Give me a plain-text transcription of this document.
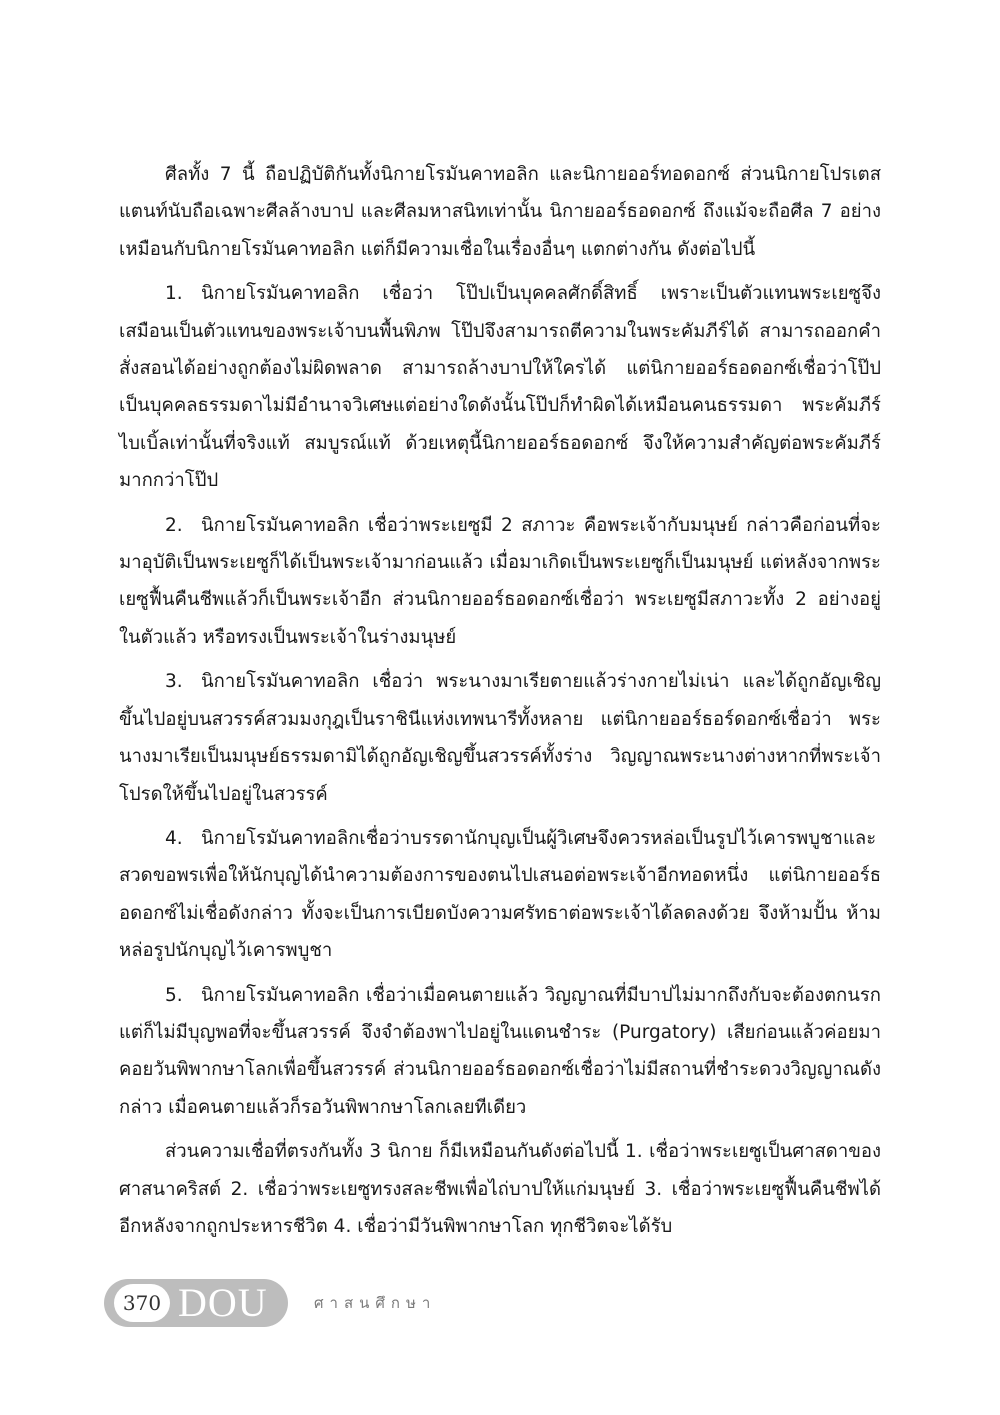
ศีลทั้ง 7 นี้ ถือปฏิบัติกันทั้งนิกายโรมันคาทอลิก และนิกายออร์ทอดอกซ์ ส่วนนิกายโปรเตสแตนท์นับถือเฉพาะศีลล้างบาป และศีลมหาสนิทเท่านั้น นิกายออร์ธอดอกซ์ ถึงแม้จะถือศีล 7 อย่างเหมือนกับนิกายโรมันคาทอลิก แต่ก็มีความเชื่อในเรื่องอื่นๆ แตกต่างกัน ดังต่อไปนี้

1. นิกายโรมันคาทอลิก เชื่อว่า โป๊ปเป็นบุคคลศักดิ์สิทธิ์ เพราะเป็นตัวแทนพระเยซูจึงเสมือนเป็นตัวแทนของพระเจ้าบนพื้นพิภพ โป๊ปจึงสามารถตีความในพระคัมภีร์ได้ สามารถออกคำสั่งสอนได้อย่างถูกต้องไม่ผิดพลาด สามารถล้างบาปให้ใครได้ แต่นิกายออร์ธอดอกซ์เชื่อว่าโป๊ปเป็นบุคคลธรรมดาไม่มีอำนาจวิเศษแต่อย่างใดดังนั้นโป๊ปก็ทำผิดได้เหมือนคนธรรมดา พระคัมภีร์ไบเบิ้ลเท่านั้นที่จริงแท้ สมบูรณ์แท้ ด้วยเหตุนี้นิกายออร์ธอดอกซ์ จึงให้ความสำคัญต่อพระคัมภีร์มากกว่าโป๊ป

2. นิกายโรมันคาทอลิก เชื่อว่าพระเยซูมี 2 สภาวะ คือพระเจ้ากับมนุษย์ กล่าวคือก่อนที่จะมาอุบัติเป็นพระเยซูก็ได้เป็นพระเจ้ามาก่อนแล้ว เมื่อมาเกิดเป็นพระเยซูก็เป็นมนุษย์ แต่หลังจากพระเยซูฟื้นคืนชีพแล้วก็เป็นพระเจ้าอีก ส่วนนิกายออร์ธอดอกซ์เชื่อว่า พระเยซูมีสภาวะทั้ง 2 อย่างอยู่ในตัวแล้ว หรือทรงเป็นพระเจ้าในร่างมนุษย์

3. นิกายโรมันคาทอลิก เชื่อว่า พระนางมาเรียตายแล้วร่างกายไม่เน่า และได้ถูกอัญเชิญขึ้นไปอยู่บนสวรรค์สวมมงกุฎเป็นราชินีแห่งเทพนารีทั้งหลาย แต่นิกายออร์ธอร์ดอกซ์เชื่อว่า พระนางมาเรียเป็นมนุษย์ธรรมดามิได้ถูกอัญเชิญขึ้นสวรรค์ทั้งร่าง วิญญาณพระนางต่างหากที่พระเจ้าโปรดให้ขึ้นไปอยู่ในสวรรค์

4. นิกายโรมันคาทอลิกเชื่อว่าบรรดานักบุญเป็นผู้วิเศษจึงควรหล่อเป็นรูปไว้เคารพบูชาและสวดขอพรเพื่อให้นักบุญได้นำความต้องการของตนไปเสนอต่อพระเจ้าอีกทอดหนึ่ง แต่นิกายออร์ธอดอกซ์ไม่เชื่อดังกล่าว ทั้งจะเป็นการเบียดบังความศรัทธาต่อพระเจ้าได้ลดลงด้วย จึงห้ามปั้น ห้ามหล่อรูปนักบุญไว้เคารพบูชา

5. นิกายโรมันคาทอลิก เชื่อว่าเมื่อคนตายแล้ว วิญญาณที่มีบาปไม่มากถึงกับจะต้องตกนรก แต่ก็ไม่มีบุญพอที่จะขึ้นสวรรค์ จึงจำต้องพาไปอยู่ในแดนชำระ (Purgatory) เสียก่อนแล้วค่อยมาคอยวันพิพากษาโลกเพื่อขึ้นสวรรค์ ส่วนนิกายออร์ธอดอกซ์เชื่อว่าไม่มีสถานที่ชำระดวงวิญญาณดังกล่าว เมื่อคนตายแล้วก็รอวันพิพากษาโลกเลยทีเดียว

ส่วนความเชื่อที่ตรงกันทั้ง 3 นิกาย ก็มีเหมือนกันดังต่อไปนี้ 1. เชื่อว่าพระเยซูเป็นศาสดาของศาสนาคริสต์ 2. เชื่อว่าพระเยซูทรงสละชีพเพื่อไถ่บาปให้แก่มนุษย์ 3. เชื่อว่าพระเยซูฟื้นคืนชีพได้อีกหลังจากถูกประหารชีวิต 4. เชื่อว่ามีวันพิพากษาโลก ทุกชีวิตจะได้รับ

370 DOU	ศาสนศึกษา
